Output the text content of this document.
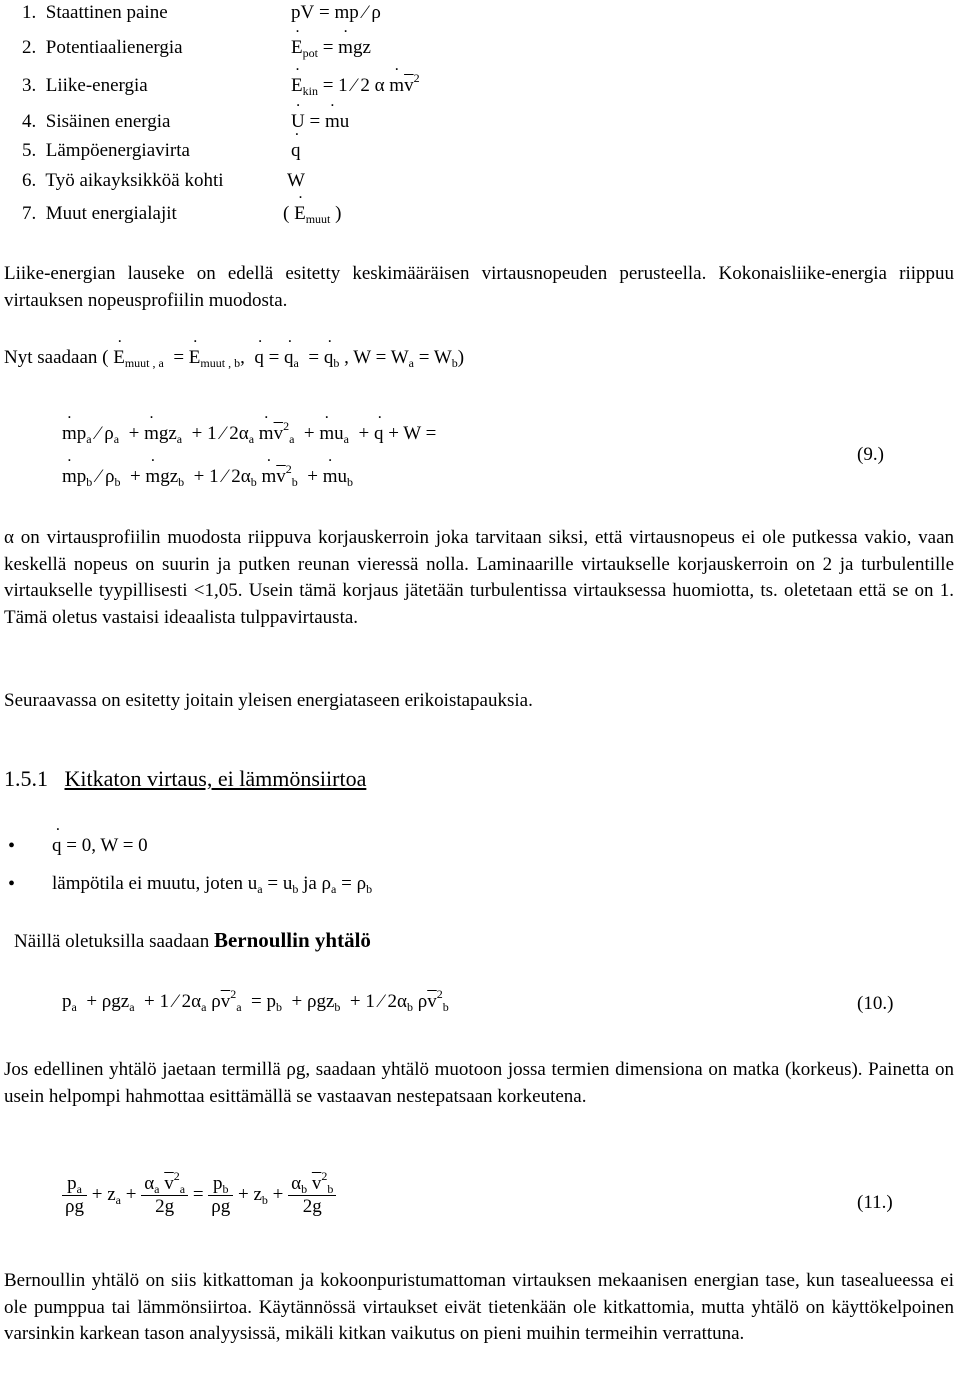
1. Staattinen paine
2. Potentiaalienergia
3. Liike-energia
4. Sisäinen energia
5. Lämpöenergiavirta
6. Työ aikayksikköä kohti
7. Muut energialajit
p˙ V = ˙ mp ⁄ ρ
˙ $E_{pot}$ = ˙ mgz
˙ $E_{kin} = 1$ ⁄ 2 α ˙ $m\overline{v}^2$
˙ U = ˙ mu
˙ q
W
( ˙ $E_{muut}$ )
Liike-energian lauseke on edellä esitetty keskimääräisen virtausnopeuden perusteella. Kokonaisliike-energia riippuu virtauksen nopeusprofiilin muodosta.
Nyt saadaan ( ˙ $E_{muut , a}$  = ˙ $E_{muut , b}$,  ˙ q = ˙ $q_a$  = ˙ $q_b$ , $W = W_a = W_b$)
˙ $mp_a$ ⁄ $\rho_a$  + ˙ mgz$_a$  + 1 ⁄ $2\alpha_a$ ˙ $m\overline{v}^2_a$  + ˙ $mu_a$  + ˙ q + W =
˙ $mp_b$ ⁄ $\rho_b$  + ˙ mgz$_b$  + 1 ⁄ $2\alpha_b$ ˙ $m\overline{v}^2_b$  + ˙ $mu_b$
(9.)
α on virtausprofiilin muodosta riippuva korjauskerroin joka tarvitaan siksi, että virtausnopeus ei ole putkessa vakio, vaan keskellä nopeus on suurin ja putken reunan vieressä nolla. Laminaarille virtaukselle korjauskerroin on 2 ja turbulentille virtaukselle tyypillisesti <1,05. Usein tämä korjaus jätetään turbulentissa virtauksessa huomiotta, ts. oletetaan että se on 1. Tämä oletus vastaisi ideaalista tulppavirtausta.
Seuraavassa on esitetty joitain yleisen energiataseen erikoistapauksia.
1.5.1 Kitkaton virtaus, ei lämmönsiirtoa
• ˙ q = 0, W = 0
• lämpötila ei muutu, joten $u_a = u_b$ ja $\rho_a = \rho_b$
Näillä oletuksilla saadaan Bernoullin yhtälö
$p_a + \rho gz_a + 1$ ⁄ $2\alpha_a$ $\rho\overline{v}^2_a = p_b + \rho gz_b + 1$ ⁄ $2\alpha_b$ $\rho\overline{v}^2_b$	(10.)
Jos edellinen yhtälö jaetaan termillä ρg, saadaan yhtälö muotoon jossa termien dimensiona on matka (korkeus). Painetta on usein helpompi hahmottaa esittämällä se vastaavan nestepatsaan korkeutena.
$\frac{p_a}{\rho g} + z_a + \frac{\alpha_a \overline{v}^2_a}{2g} = \frac{p_b}{\rho g} + z_b + \frac{\alpha_b \overline{v}^2_b}{2g}$	(11.)
Bernoullin yhtälö on siis kitkattoman ja kokoonpuristumattoman virtauksen mekaanisen energian tase, kun tasealueessa ei ole pumppua tai lämmönsiirtoa. Käytännössä virtaukset eivät tietenkään ole kitkattomia, mutta yhtälö on käyttökelpoinen varsinkin karkean tason analyysissä, mikäli kitkan vaikutus on pieni muihin termeihin verrattuna.
